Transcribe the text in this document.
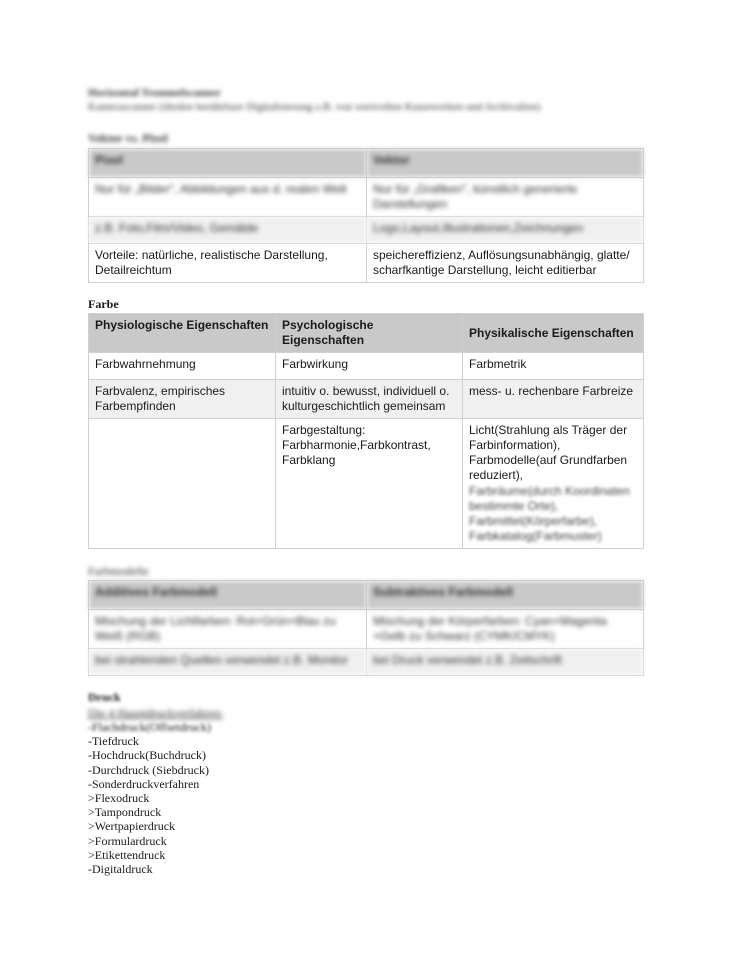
Horizontal Trommelscanner
Kamerascanner (direkte berührbare Digitalisierung z.B. von wertvollen Kunstwerken und Archivalien)
Vektor vs. Pixel
Pixel	Vektor
Nur für „Bilder", Abbildungen aus d. realen Welt	Nur für „Grafiken", künstlich generierte Darstellungen
z.B. Foto,Film/Video, Gemälde	Logo,Layout,Illustrationen,Zeichnungen
Vorteile: natürliche, realistische Darstellung, Detailreichtum	speichereffizienz, Auflösungsunabhängig, glatte/ scharfkantige Darstellung, leicht editierbar
Farbe
Physiologische Eigenschaften	Psychologische Eigenschaften	Physikalische Eigenschaften
Farbwahrnehmung	Farbwirkung	Farbmetrik
Farbvalenz, empirisches Farbempfinden	intuitiv o. bewusst, individuell o. kulturgeschichtlich gemeinsam	mess- u. rechenbare Farbreize
	Farbgestaltung: Farbharmonie,Farbkontrast, Farbklang	Licht(Strahlung als Träger der Farbinformation), Farbmodelle(auf Grundfarben reduziert),
Farbräume(durch Koordinaten bestimmte Orte), Farbmittel(Körperfarbe), Farbkatalog(Farbmuster)
Farbmodelle
Additives Farbmodell	Subtraktives Farbmodell
Mischung der Lichtfarben: Rot+Grün+Blau zu Weiß (RGB)	Mischung der Körperfarben: Cyan+Magenta +Gelb zu Schwarz (CYMK/CMYK)
bei strahlenden Quellen verwendet z.B. Monitor	bei Druck verwendet z.B. Zeitschrift
Druck
Die 4 Hauptdruckverfahren:
-Flachdruck(Offsetdruck)
-Tiefdruck
-Hochdruck(Buchdruck)
-Durchdruck (Siebdruck)
-Sonderdruckverfahren
>Flexodruck
>Tampondruck
>Wertpapierdruck
>Formulardruck
>Etikettendruck
-Digitaldruck
